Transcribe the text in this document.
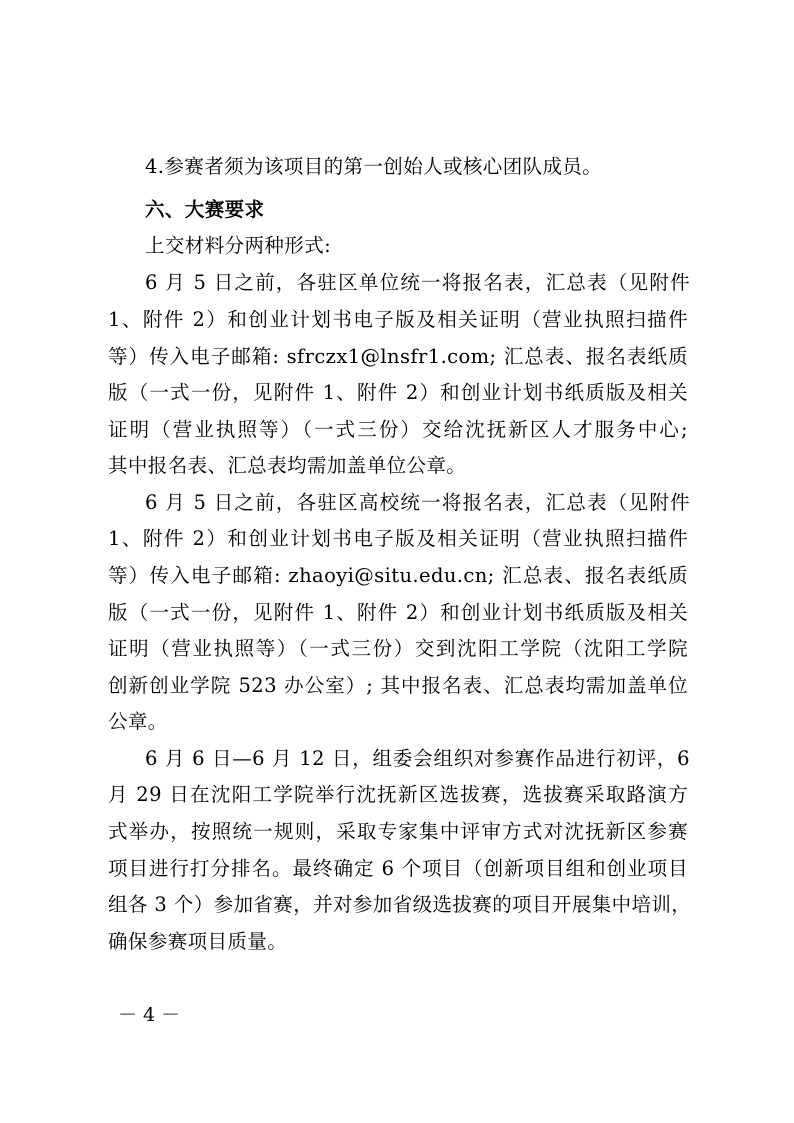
4.参赛者须为该项目的第一创始人或核心团队成员。
六、大赛要求
上交材料分两种形式:
6 月 5 日之前，各驻区单位统一将报名表，汇总表（见附件
1、附件 2）和创业计划书电子版及相关证明（营业执照扫描件
等）传入电子邮箱: sfrczx1@lnsfr1.com; 汇总表、报名表纸质
版（一式一份，见附件 1、附件 2）和创业计划书纸质版及相关
证明（营业执照等）（一式三份）交给沈抚新区人才服务中心;
其中报名表、汇总表均需加盖单位公章。
6 月 5 日之前，各驻区高校统一将报名表，汇总表（见附件
1、附件 2）和创业计划书电子版及相关证明（营业执照扫描件
等）传入电子邮箱: zhaoyi@situ.edu.cn; 汇总表、报名表纸质
版（一式一份，见附件 1、附件 2）和创业计划书纸质版及相关
证明（营业执照等）（一式三份）交到沈阳工学院（沈阳工学院
创新创业学院 523 办公室）; 其中报名表、汇总表均需加盖单位
公章。
6 月 6 日—6 月 12 日，组委会组织对参赛作品进行初评，6
月 29 日在沈阳工学院举行沈抚新区选拔赛，选拔赛采取路演方
式举办，按照统一规则，采取专家集中评审方式对沈抚新区参赛
项目进行打分排名。最终确定 6 个项目（创新项目组和创业项目
组各 3 个）参加省赛，并对参加省级选拔赛的项目开展集中培训，
确保参赛项目质量。
－ 4 －
